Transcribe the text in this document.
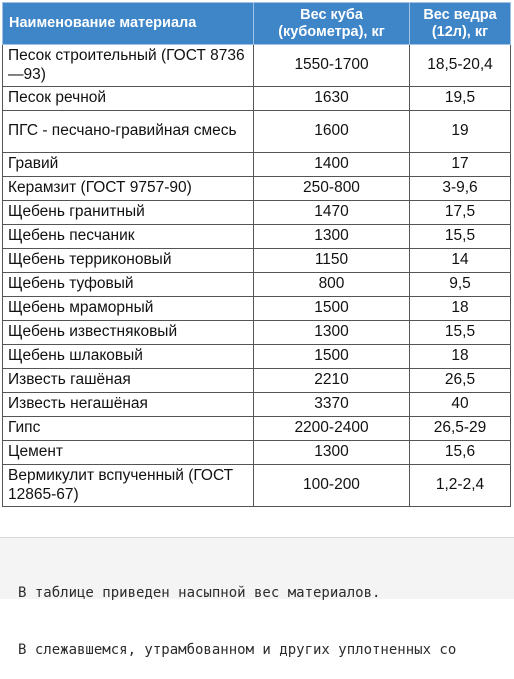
Наименование материала	Вес куба (кубометра), кг	Вес ведра (12л), кг
Песок строительный (ГОСТ 8736—93)	1550-1700	18,5-20,4
Песок речной	1630	19,5
ПГС - песчано-гравийная смесь	1600	19
Гравий	1400	17
Керамзит (ГОСТ 9757-90)	250-800	3-9,6
Щебень гранитный	1470	17,5
Щебень песчаник	1300	15,5
Щебень терриконовый	1150	14
Щебень туфовый	800	9,5
Щебень мраморный	1500	18
Щебень известняковый	1300	15,5
Щебень шлаковый	1500	18
Известь гашёная	2210	26,5
Известь негашёная	3370	40
Гипс	2200-2400	26,5-29
Цемент	1300	15,6
Вермикулит вспученный (ГОСТ 12865-67)	100-200	1,2-2,4

В таблице приведен насыпной вес материалов.

В слежавшемся, утрамбованном и других уплотненных со
